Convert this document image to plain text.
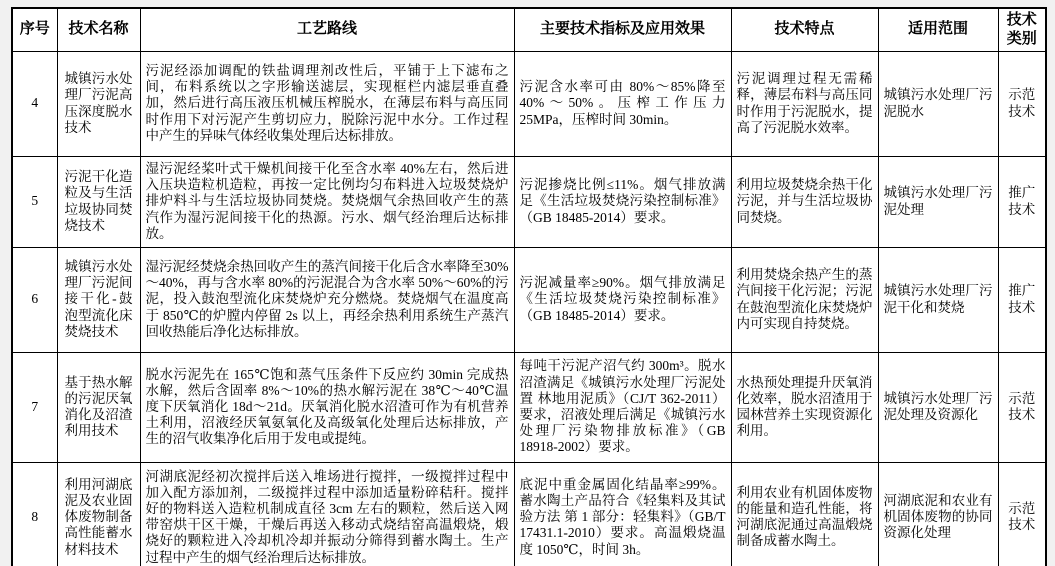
序号	技术名称	工艺路线	主要技术指标及应用效果	技术特点	适用范围	技术类别
4	城镇污水处理厂污泥高压深度脱水技术	污泥经添加调配的铁盐调理剂改性后，平铺于上下滤布之间，布料系统以之字形输送滤层，实现框栏内滤层垂直叠加，然后进行高压液压机械压榨脱水，在薄层布料与高压同时作用下对污泥产生剪切应力，脱除污泥中水分。工作过程中产生的异味气体经收集处理后达标排放。	污泥含水率可由 80%～85%降至 40%～50%。压榨工作压力 25MPa，压榨时间 30min。	污泥调理过程无需稀释，薄层布料与高压同时作用于污泥脱水，提高了污泥脱水效率。	城镇污水处理厂污泥脱水	示范技术
5	污泥干化造粒及与生活垃圾协同焚烧技术	湿污泥经桨叶式干燥机间接干化至含水率 40%左右，然后进入压块造粒机造粒，再按一定比例均匀布料进入垃圾焚烧炉排炉料斗与生活垃圾协同焚烧。焚烧烟气余热回收产生的蒸汽作为湿污泥间接干化的热源。污水、烟气经治理后达标排放。	污泥掺烧比例≤11%。烟气排放满足《生活垃圾焚烧污染控制标准》（GB 18485-2014）要求。	利用垃圾焚烧余热干化污泥，并与生活垃圾协同焚烧。	城镇污水处理厂污泥处理	推广技术
6	城镇污水处理厂污泥间接干化-鼓泡型流化床焚烧技术	湿污泥经焚烧余热回收产生的蒸汽间接干化后含水率降至30%～40%，再与含水率 80%的污泥混合为含水率 50%～60%的污泥，投入鼓泡型流化床焚烧炉充分燃烧。焚烧烟气在温度高于 850℃的炉膛内停留 2s 以上，再经余热利用系统生产蒸汽回收热能后净化达标排放。	污泥减量率≥90%。烟气排放满足《生活垃圾焚烧污染控制标准》（GB 18485-2014）要求。	利用焚烧余热产生的蒸汽间接干化污泥；污泥在鼓泡型流化床焚烧炉内可实现自持焚烧。	城镇污水处理厂污泥干化和焚烧	推广技术
7	基于热水解的污泥厌氧消化及沼渣利用技术	脱水污泥先在 165℃饱和蒸气压条件下反应约 30min 完成热水解，然后含固率 8%～10%的热水解污泥在 38℃～40℃温度下厌氧消化 18d～21d。厌氧消化脱水沼渣可作为有机营养土利用，沼液经厌氧氨氧化及高级氧化处理后达标排放，产生的沼气收集净化后用于发电或提纯。	每吨干污泥产沼气约 300m³。脱水沼渣满足《城镇污水处理厂污泥处置 林地用泥质》（CJ/T 362-2011）要求，沼液处理后满足《城镇污水处理厂污染物排放标准》（GB 18918-2002）要求。	水热预处理提升厌氧消化效率，脱水沼渣用于园林营养土实现资源化利用。	城镇污水处理厂污泥处理及资源化	示范技术
8	利用河湖底泥及农业固体废物制备高性能蓄水材料技术	河湖底泥经初次搅拌后送入堆场进行搅拌，一级搅拌过程中加入配方添加剂，二级搅拌过程中添加适量粉碎秸秆。搅拌好的物料送入造粒机制成直径 3cm 左右的颗粒，然后送入网带窑烘干区干燥，干燥后再送入移动式烧结窑高温煅烧，煅烧好的颗粒进入冷却机冷却并振动分筛得到蓄水陶土。生产过程中产生的烟气经治理后达标排放。	底泥中重金属固化结晶率≥99%。蓄水陶土产品符合《轻集料及其试验方法 第 1 部分：轻集料》（GB/T 17431.1-2010）要求。高温煅烧温度 1050℃，时间 3h。	利用农业有机固体废物的能量和造孔性能，将河湖底泥通过高温煅烧制备成蓄水陶土。	河湖底泥和农业有机固体废物的协同资源化处理	示范技术
